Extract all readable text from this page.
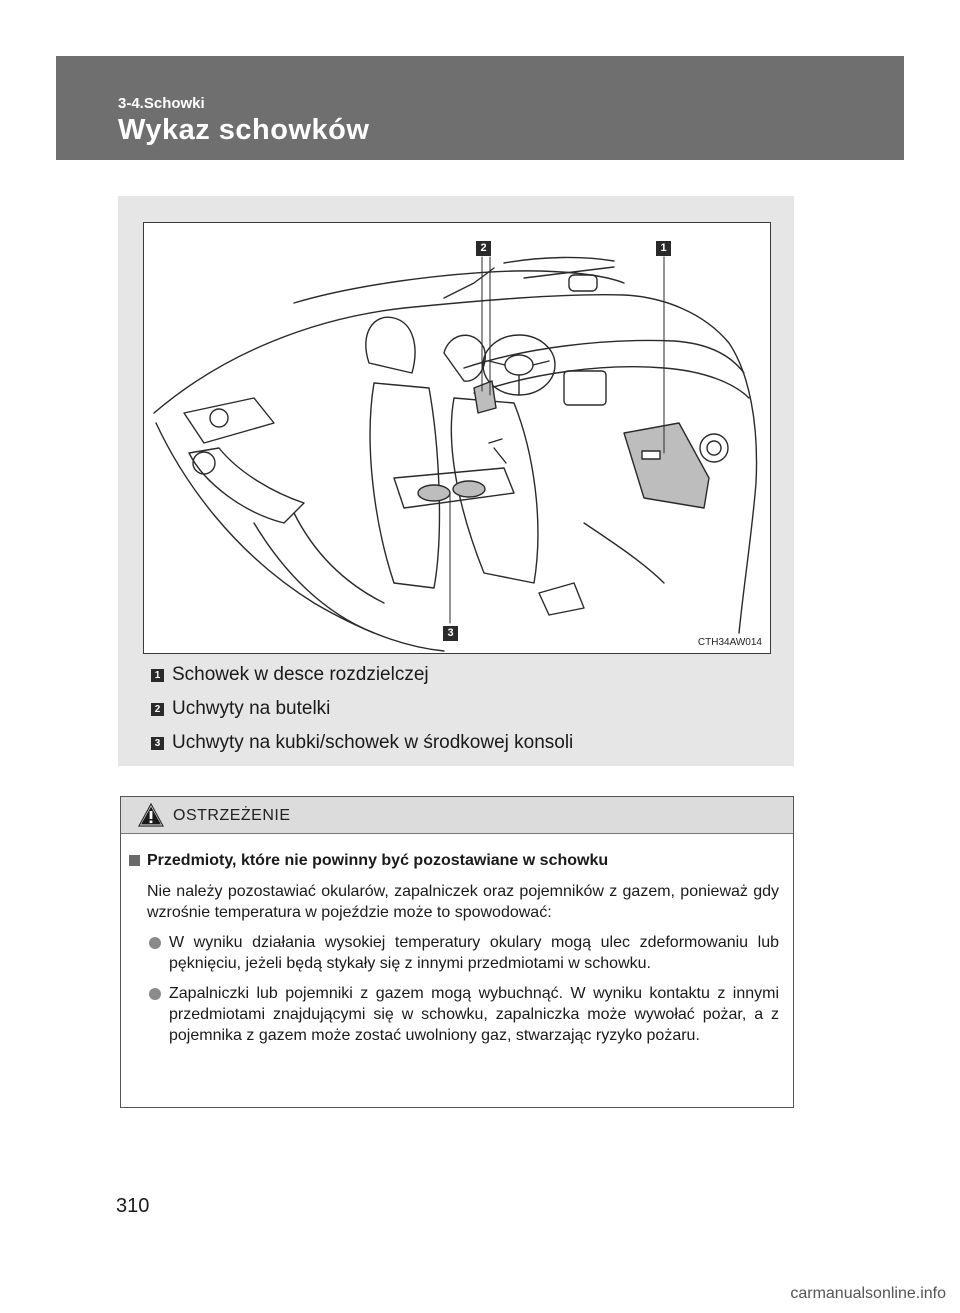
3-4.Schowki
Wykaz schowków
1
2
3
CTH34AW014
1 Schowek w desce rozdzielczej
2 Uchwyty na butelki
3 Uchwyty na kubki/schowek w środkowej konsoli
OSTRZEŻENIE
Przedmioty, które nie powinny być pozostawiane w schowku
Nie należy pozostawiać okularów, zapalniczek oraz pojemników z gazem, ponieważ gdy wzrośnie temperatura w pojeździe może to spowodować:
W wyniku działania wysokiej temperatury okulary mogą ulec zdeformowaniu lub pęknięciu, jeżeli będą stykały się z innymi przedmiotami w schowku.
Zapalniczki lub pojemniki z gazem mogą wybuchnąć. W wyniku kontaktu z innymi przedmiotami znajdującymi się w schowku, zapalniczka może wywołać pożar, a z pojemnika z gazem może zostać uwolniony gaz, stwarzając ryzyko pożaru.
310
carmanualsonline.info
